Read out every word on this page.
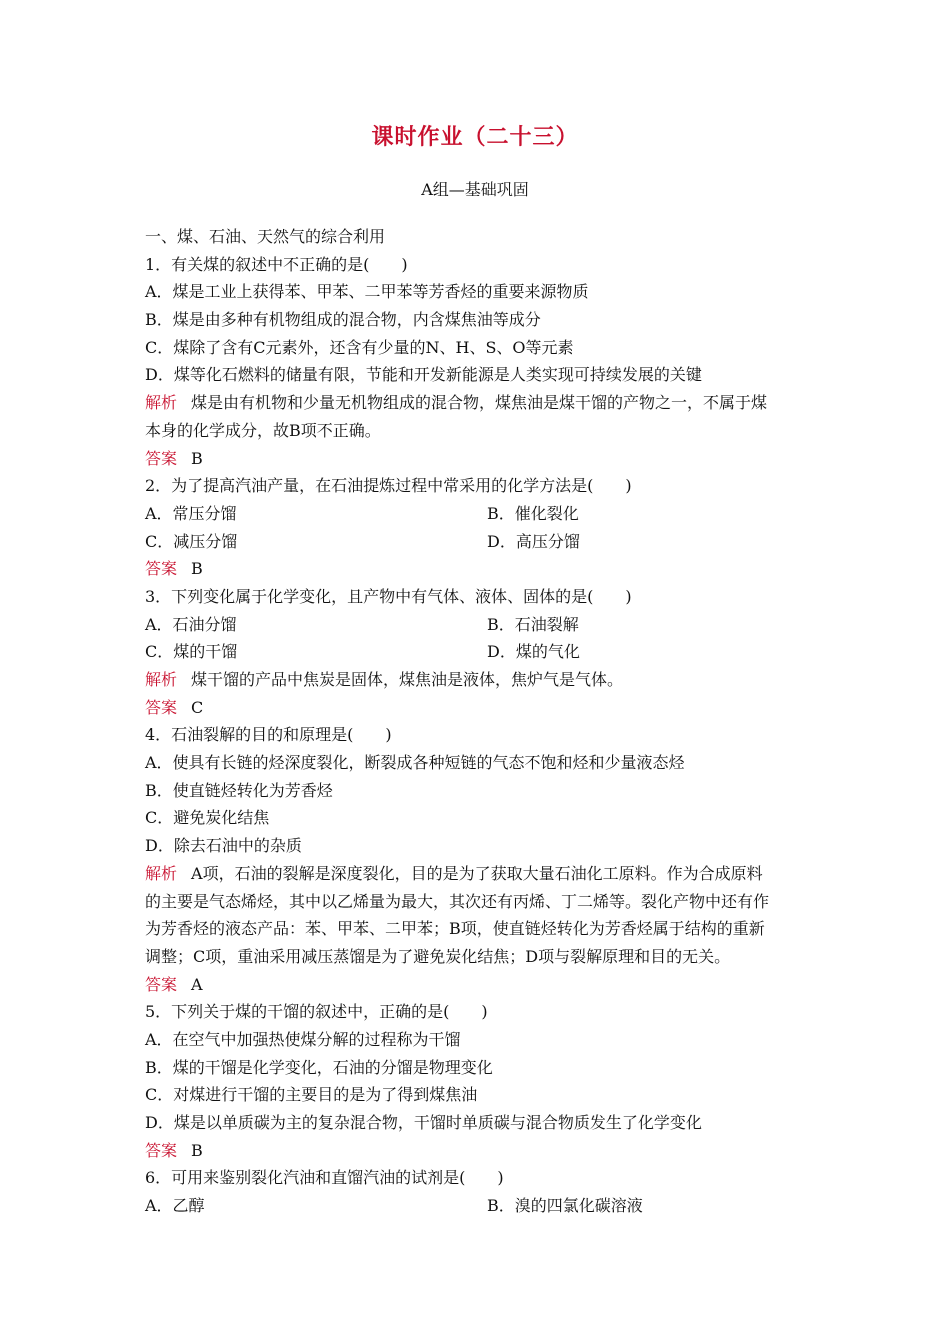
课时作业（二十三）
A组—基础巩固
一、煤、石油、天然气的综合利用
1．有关煤的叙述中不正确的是(　　)
A．煤是工业上获得苯、甲苯、二甲苯等芳香烃的重要来源物质
B．煤是由多种有机物组成的混合物，内含煤焦油等成分
C．煤除了含有C元素外，还含有少量的N、H、S、O等元素
D．煤等化石燃料的储量有限，节能和开发新能源是人类实现可持续发展的关键
解析 煤是由有机物和少量无机物组成的混合物，煤焦油是煤干馏的产物之一，不属于煤
本身的化学成分，故B项不正确。
答案 B
2．为了提高汽油产量，在石油提炼过程中常采用的化学方法是(　　)
A．常压分馏	B．催化裂化
C．减压分馏	D．高压分馏
答案 B
3．下列变化属于化学变化，且产物中有气体、液体、固体的是(　　)
A．石油分馏	B．石油裂解
C．煤的干馏	D．煤的气化
解析 煤干馏的产品中焦炭是固体，煤焦油是液体，焦炉气是气体。
答案 C
4．石油裂解的目的和原理是(　　)
A．使具有长链的烃深度裂化，断裂成各种短链的气态不饱和烃和少量液态烃
B．使直链烃转化为芳香烃
C．避免炭化结焦
D．除去石油中的杂质
解析 A项，石油的裂解是深度裂化，目的是为了获取大量石油化工原料。作为合成原料
的主要是气态烯烃，其中以乙烯量为最大，其次还有丙烯、丁二烯等。裂化产物中还有作
为芳香烃的液态产品：苯、甲苯、二甲苯；B项，使直链烃转化为芳香烃属于结构的重新
调整；C项，重油采用减压蒸馏是为了避免炭化结焦；D项与裂解原理和目的无关。
答案 A
5．下列关于煤的干馏的叙述中，正确的是(　　)
A．在空气中加强热使煤分解的过程称为干馏
B．煤的干馏是化学变化，石油的分馏是物理变化
C．对煤进行干馏的主要目的是为了得到煤焦油
D．煤是以单质碳为主的复杂混合物，干馏时单质碳与混合物质发生了化学变化
答案 B
6．可用来鉴别裂化汽油和直馏汽油的试剂是(　　)
A．乙醇	B．溴的四氯化碳溶液
